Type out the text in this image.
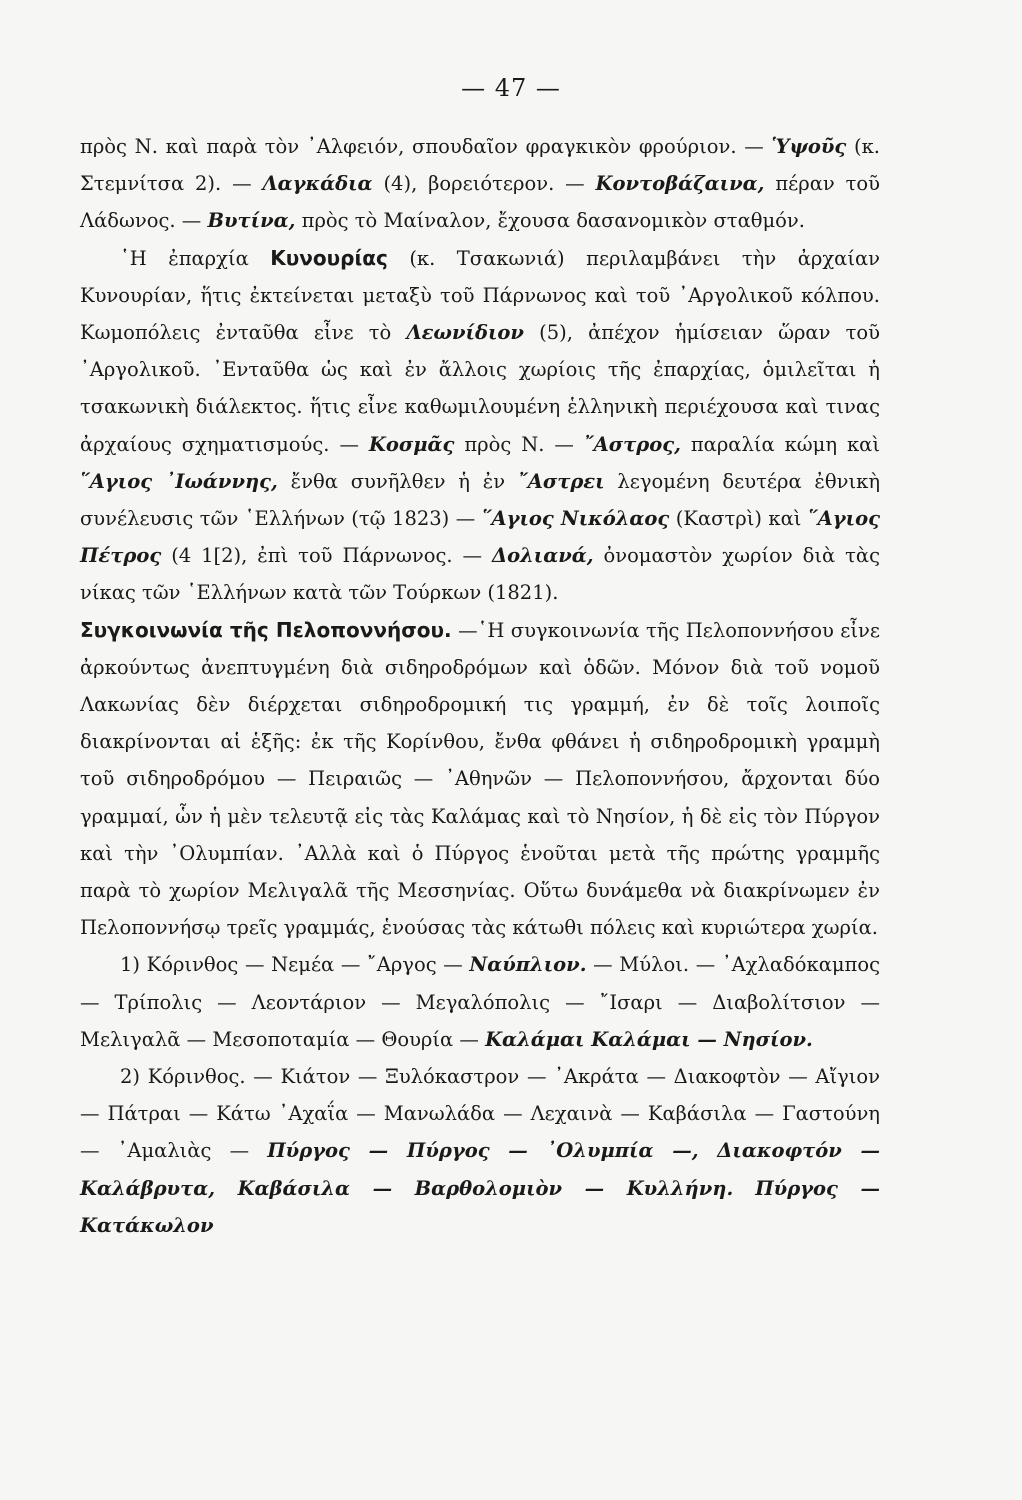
— 47 —

πρὸς Ν. καὶ παρὰ τὸν ᾿Αλφειόν, σπουδαῖον φραγκικὸν φρούριον. — Ὑψοῦς (κ. Στεμνίτσα 2). — Λαγκάδια (4), βορειότερον. — Κοντοβάζαινα, πέραν τοῦ Λάδωνος. — Βυτίνα, πρὸς τὸ Μαίναλον, ἔχουσα δασανομικὸν σταθμόν.

῾Η ἐπαρχία Κυνουρίας (κ. Τσακωνιά) περιλαμβάνει τὴν ἀρχαίαν Κυνουρίαν, ἥτις ἐκτείνεται μεταξὺ τοῦ Πάρνωνος καὶ τοῦ ᾿Αργολικοῦ κόλπου. Κωμοπόλεις ἐνταῦθα εἶνε τὸ Λεωνίδιον (5), ἀπέχον ἡμίσειαν ὥραν τοῦ ᾿Αργολικοῦ. ᾿Ενταῦθα ὡς καὶ ἐν ἄλλοις χωρίοις τῆς ἐπαρχίας, ὁμιλεῖται ἡ τσακωνικὴ διάλεκτος. ἥτις εἶνε καθωμιλουμένη ἑλληνικὴ περιέχουσα καὶ τινας ἀρχαίους σχηματισμούς. — Κοσμᾶς πρὸς Ν. — ῎Αστρος, παραλία κώμη καὶ ῞Αγιος ᾿Ιωάννης, ἔνθα συνῆλθεν ἡ ἐν ῎Αστρει λεγομένη δευτέρα ἐθνικὴ συνέλευσις τῶν ῾Ελλήνων (τῷ 1823) — ῞Αγιος Νικόλαος (Καστρὶ) καὶ ῞Αγιος Πέτρος (4 1[2), ἐπὶ τοῦ Πάρνωνος. — Δολιανά, ὀνομαστὸν χωρίον διὰ τὰς νίκας τῶν ῾Ελλήνων κατὰ τῶν Τούρκων (1821).

Συγκοινωνία τῆς Πελοποννήσου. —῾Η συγκοινωνία τῆς Πελοποννήσου εἶνε ἀρκούντως ἀνεπτυγμένη διὰ σιδηροδρόμων καὶ ὁδῶν. Μόνον διὰ τοῦ νομοῦ Λακωνίας δὲν διέρχεται σιδηροδρομική τις γραμμή, ἐν δὲ τοῖς λοιποῖς διακρίνονται αἱ ἑξῆς: ἐκ τῆς Κορίνθου, ἔνθα φθάνει ἡ σιδηροδρομικὴ γραμμὴ τοῦ σιδηροδρόμου — Πειραιῶς — ᾿Αθηνῶν — Πελοποννήσου, ἄρχονται δύο γραμμαί, ὧν ἡ μὲν τελευτᾷ εἰς τὰς Καλάμας καὶ τὸ Νησίον, ἡ δὲ εἰς τὸν Πύργον καὶ τὴν ᾿Ολυμπίαν. ᾿Αλλὰ καὶ ὁ Πύργος ἑνοῦται μετὰ τῆς πρώτης γραμμῆς παρὰ τὸ χωρίον Μελιγαλᾶ τῆς Μεσσηνίας. Οὕτω δυνάμεθα νὰ διακρίνωμεν ἐν Πελοποννήσῳ τρεῖς γραμμάς, ἑνούσας τὰς κάτωθι πόλεις καὶ κυριώτερα χωρία.

1) Κόρινθος — Νεμέα — ῎Αργος — Ναύπλιον. — Μύλοι. — ᾿Αχλαδόκαμπος — Τρίπολις — Λεοντάριον — Μεγαλόπολις — ῎Ισαρι — Διαβολίτσιον — Μελιγαλᾶ — Μεσοποταμία — Θουρία — Καλάμαι Καλάμαι — Νησίον.

2) Κόρινθος. — Κιάτον — Ξυλόκαστρον — ᾿Ακράτα — Διακοφτὸν — Αἴγιον — Πάτραι — Κάτω ᾿Αχαΐα — Μανωλάδα — Λεχαινὰ — Καβάσιλα — Γαστούνη — ᾿Αμαλιὰς — Πύργος — Πύργος — ᾿Ολυμπία —, Διακοφτόν — Καλάβρυτα, Καβάσιλα — Βαρθολομιὸν — Κυλλήνη. Πύργος — Κατάκωλον
